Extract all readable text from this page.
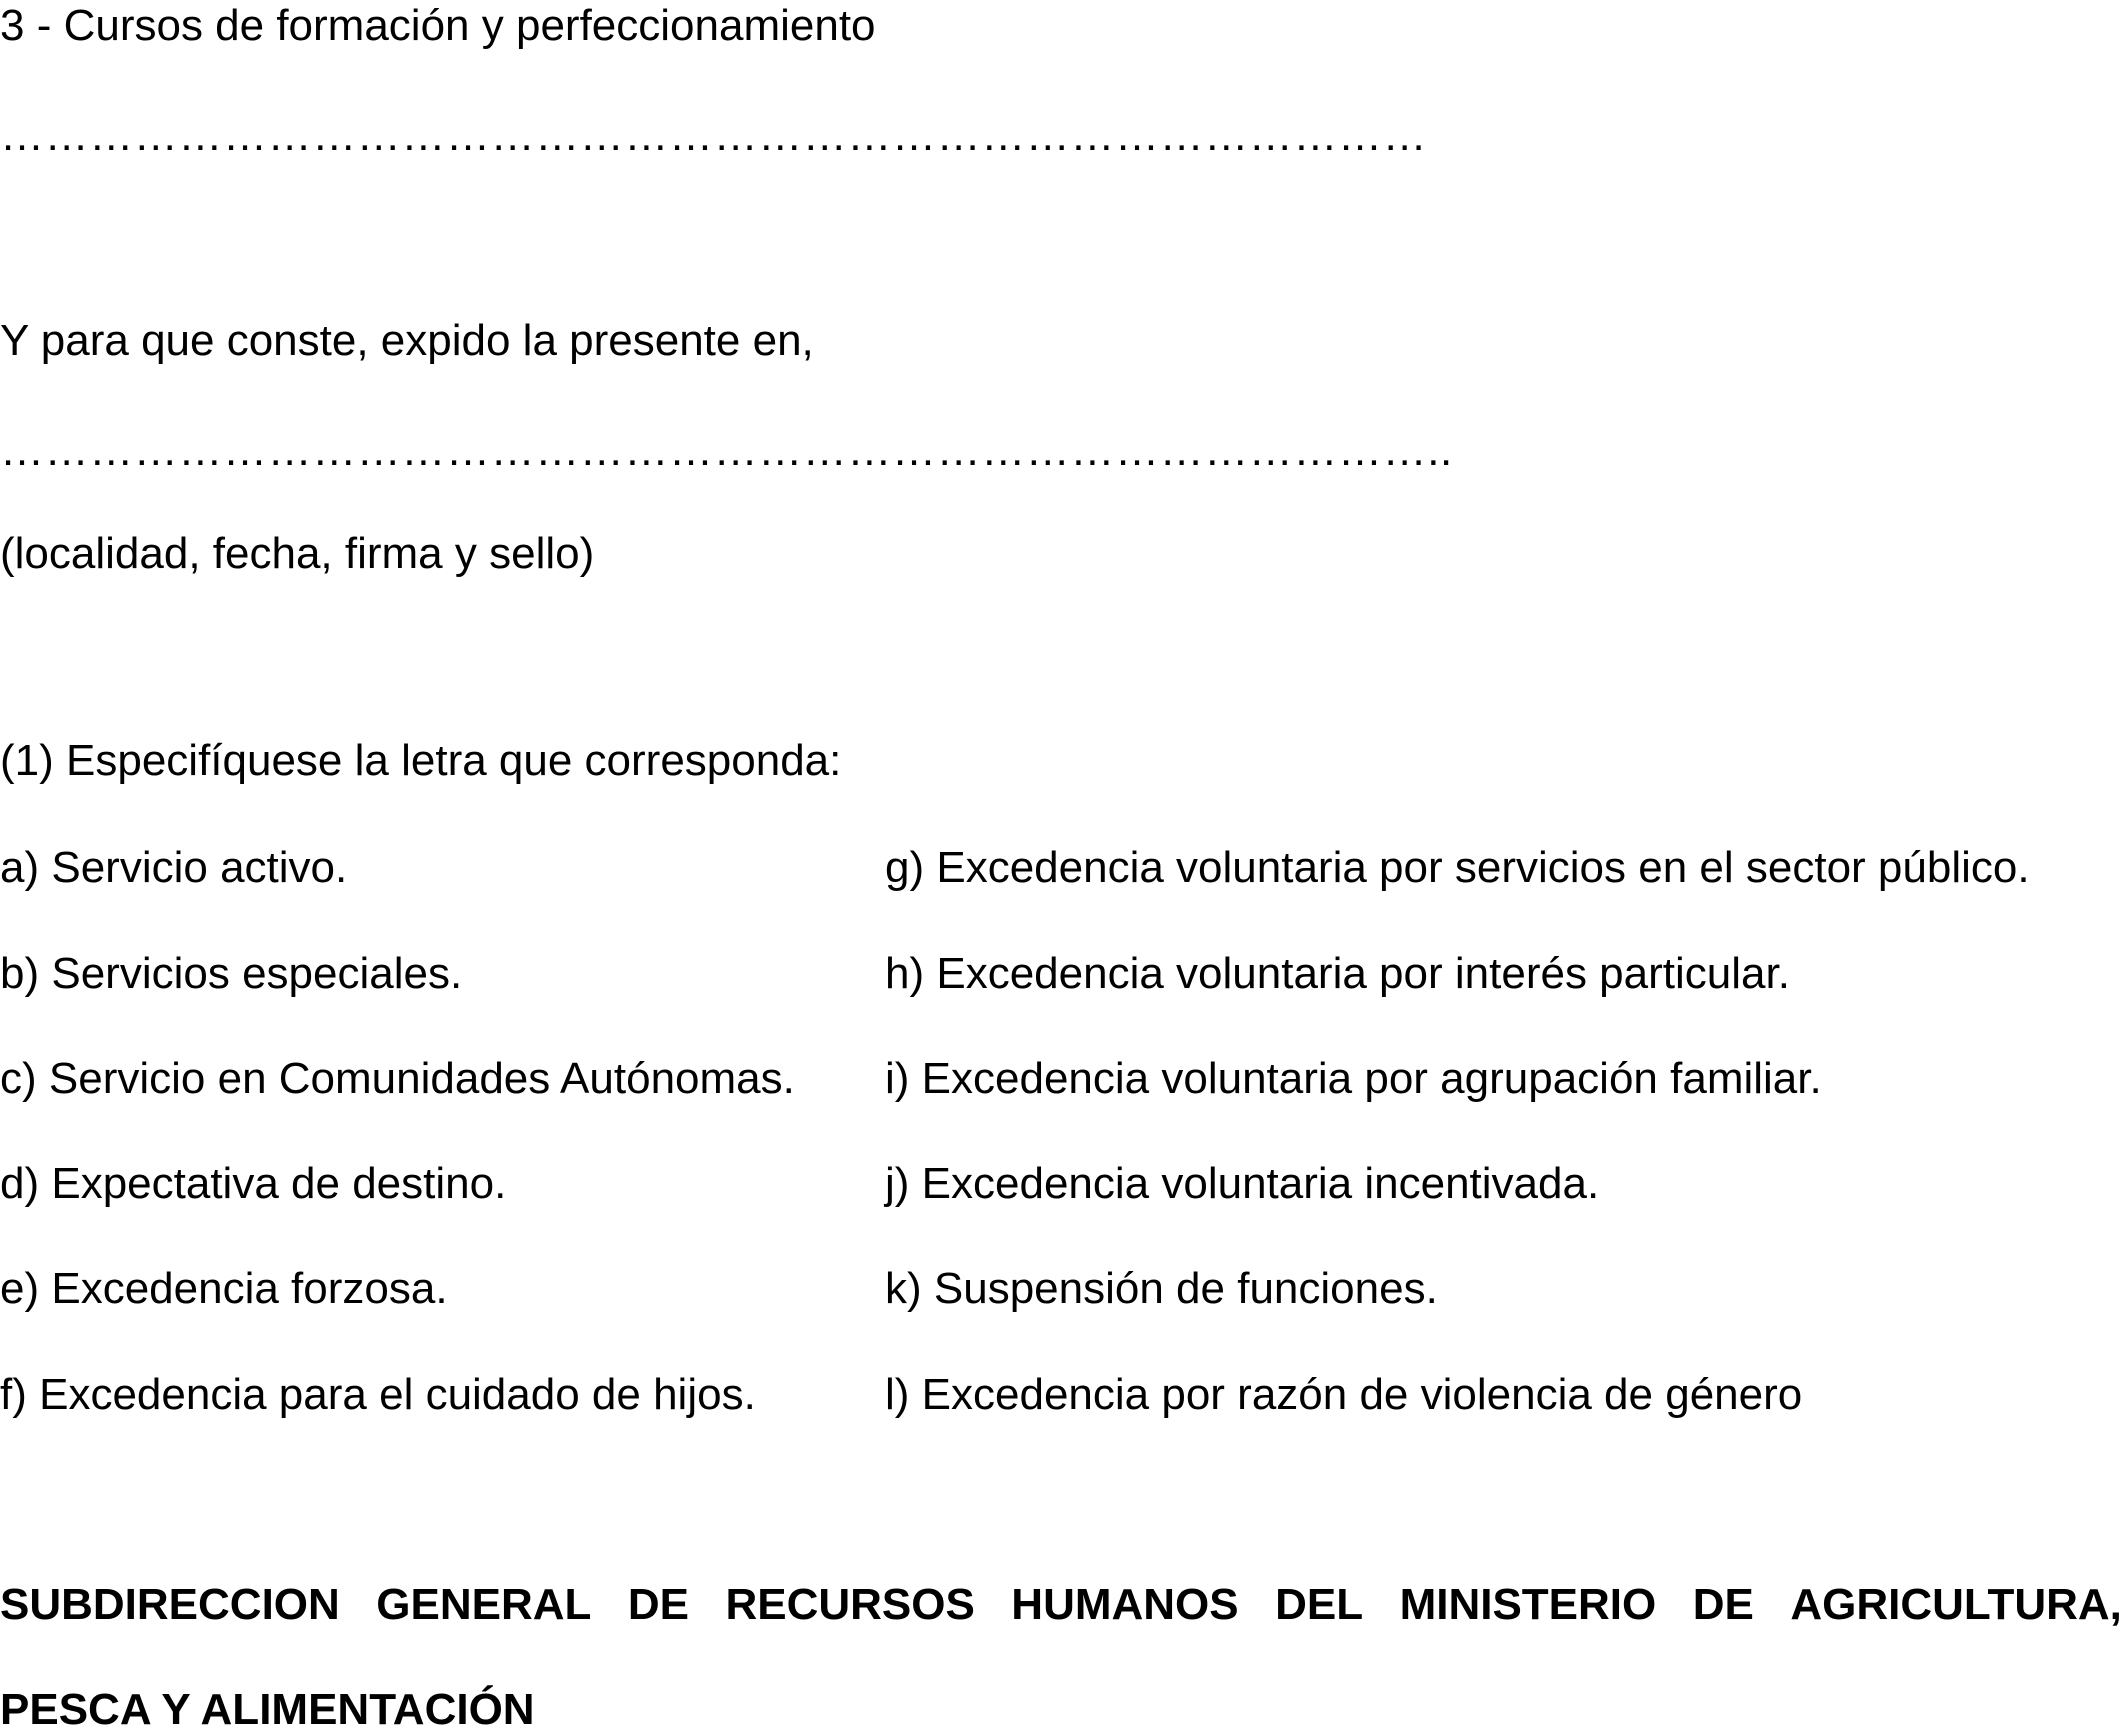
3 - Cursos de formación y perfeccionamiento
……………………………………………………………………………………
Y para que conste, expido la presente en,
……………………………………………………………………………………..
(localidad, fecha, firma y sello)
(1) Especifíquese la letra que corresponda:
a) Servicio activo.	g) Excedencia voluntaria por servicios en el sector público.
b) Servicios especiales.	h) Excedencia voluntaria por interés particular.
c) Servicio en Comunidades Autónomas. i) Excedencia voluntaria por agrupación familiar.
d) Expectativa de destino.	j) Excedencia voluntaria incentivada.
e) Excedencia forzosa.	k) Suspensión de funciones.
f) Excedencia para el cuidado de hijos.	l) Excedencia por razón de violencia de género
SUBDIRECCION GENERAL DE RECURSOS HUMANOS DEL MINISTERIO DE AGRICULTURA,
PESCA Y ALIMENTACIÓN
